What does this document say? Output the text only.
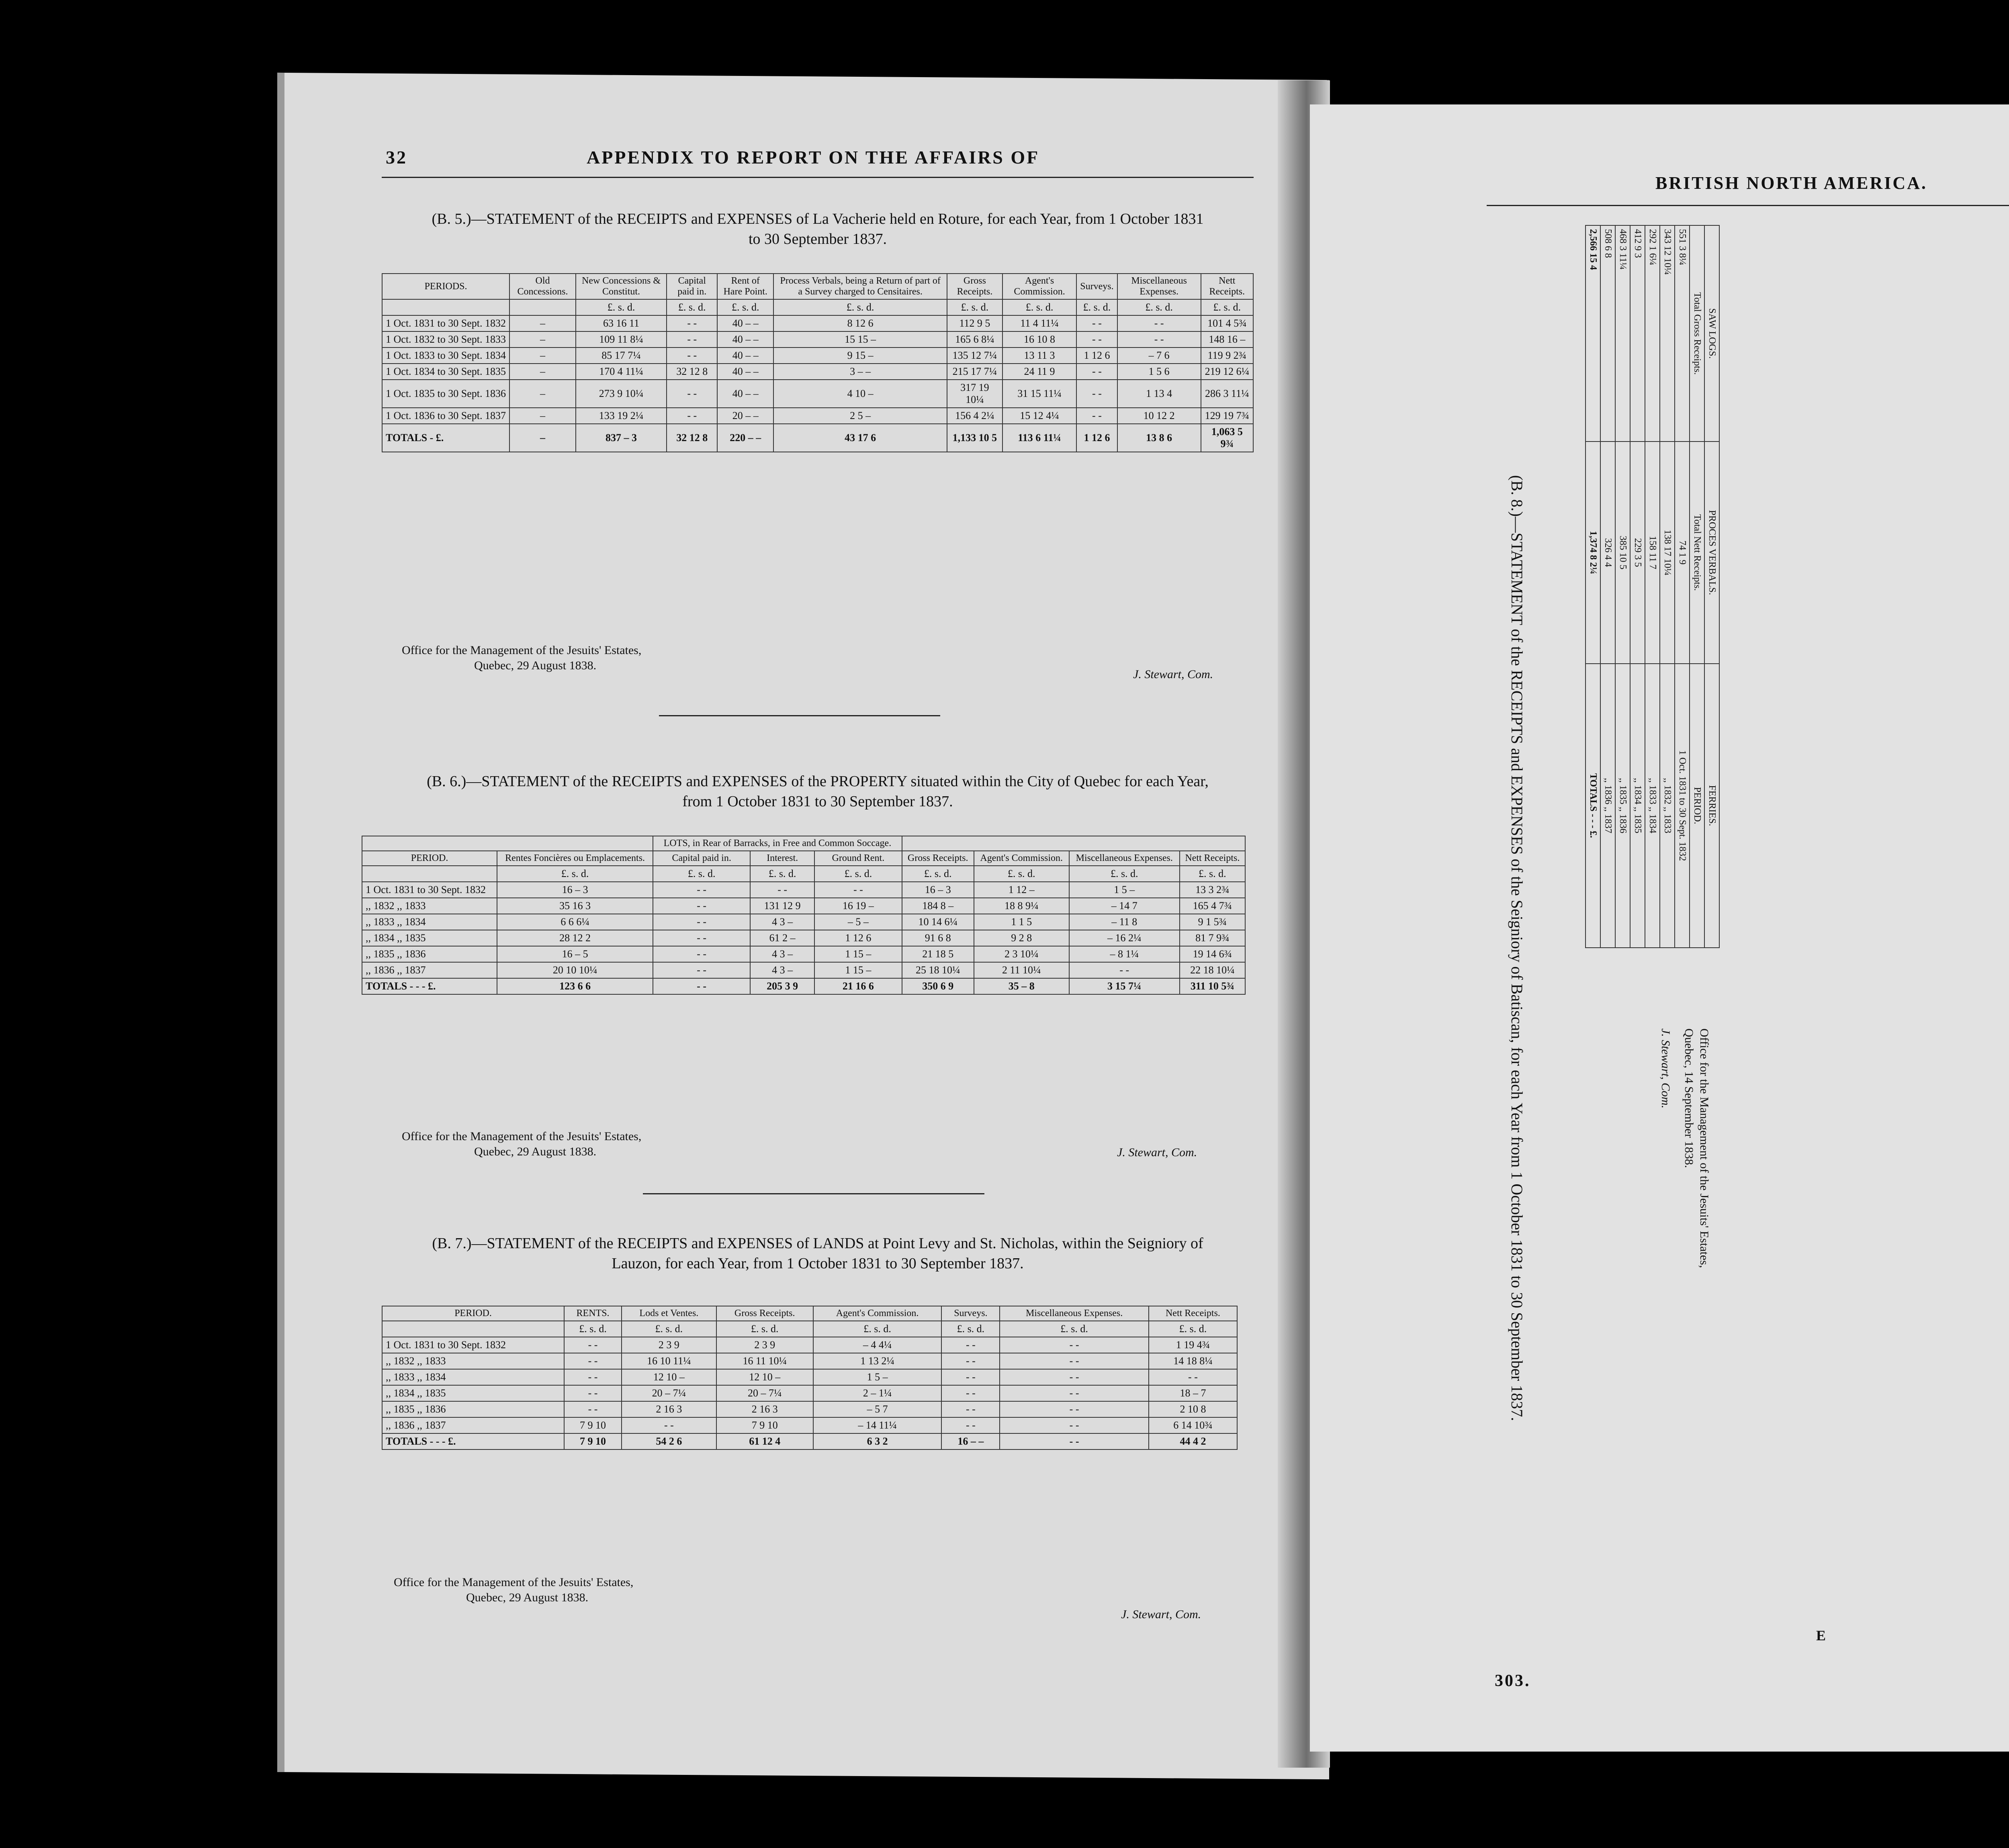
32	APPENDIX TO REPORT ON THE AFFAIRS OF
(B. 5.)—STATEMENT of the RECEIPTS and EXPENSES of La Vacherie held en Roture, for each Year, from 1 October 1831
to 30 September 1837.
PERIODS.	Old Concessions.	New Concessions & Constitut.	Capital paid in.	Rent of Hare Point.	Process Verbals, being a Return of part of a Survey charged to Censitaires.	Gross Receipts.	Agent's Commission.	Surveys.	Miscellaneous Expenses.	Nett Receipts.
		£. s. d.	£. s. d.	£. s. d.	£. s. d.	£. s. d.	£. s. d.	£. s. d.	£. s. d.	£. s. d.
1 Oct. 1831 to 30 Sept. 1832	–	63 16 11	- -	40 – –	8 12 6	112 9 5	11 4 11¼	- -	- -	101 4 5¾
1 Oct. 1832 to 30 Sept. 1833	–	109 11 8¼	- -	40 – –	15 15 –	165 6 8¼	16 10 8	- -	- -	148 16 –
1 Oct. 1833 to 30 Sept. 1834	–	85 17 7¼	- -	40 – –	9 15 –	135 12 7¼	13 11 3	1 12 6	– 7 6	119 9 2¾
1 Oct. 1834 to 30 Sept. 1835	–	170 4 11¼	32 12 8	40 – –	3 – –	215 17 7¼	24 11 9	- -	1 5 6	219 12 6¼
1 Oct. 1835 to 30 Sept. 1836	–	273 9 10¼	- -	40 – –	4 10 –	317 19 10¼	31 15 11¼	- -	1 13 4	286 3 11¼
1 Oct. 1836 to 30 Sept. 1837	–	133 19 2¼	- -	20 – –	2 5 –	156 4 2¼	15 12 4¼	- -	10 12 2	129 19 7¾
TOTALS - £.	–	837 – 3	32 12 8	220 – –	43 17 6	1,133 10 5	113 6 11¼	1 12 6	13 8 6	1,063 5 9¾
Office for the Management of the Jesuits' Estates,
Quebec, 29 August 1838.
J. Stewart, Com.
(B. 6.)—STATEMENT of the RECEIPTS and EXPENSES of the PROPERTY situated within the City of Quebec for each Year,
from 1 October 1831 to 30 September 1837.
		LOTS, in Rear of Barracks, in Free and Common Soccage.						
PERIOD.	Rentes Foncières ou Emplacements.	Capital paid in.	Interest.	Ground Rent.	Gross Receipts.	Agent's Commission.	Miscellaneous Expenses.	Nett Receipts.
	£. s. d.	£. s. d.	£. s. d.	£. s. d.	£. s. d.	£. s. d.	£. s. d.	£. s. d.
1 Oct. 1831 to 30 Sept. 1832	16 – 3	- -	- -	- -	16 – 3	1 12 –	1 5 –	13 3 2¾
,, 1832 ,, 1833	35 16 3	- -	131 12 9	16 19 –	184 8 –	18 8 9¼	– 14 7	165 4 7¾
,, 1833 ,, 1834	6 6 6¼	- -	4 3 –	– 5 –	10 14 6¼	1 1 5	– 11 8	9 1 5¾
,, 1834 ,, 1835	28 12 2	- -	61 2 –	1 12 6	91 6 8	9 2 8	– 16 2¼	81 7 9¾
,, 1835 ,, 1836	16 – 5	- -	4 3 –	1 15 –	21 18 5	2 3 10¼	– 8 1¼	19 14 6¾
,, 1836 ,, 1837	20 10 10¼	- -	4 3 –	1 15 –	25 18 10¼	2 11 10¼	- -	22 18 10¼
TOTALS - - - £.	123 6 6	- -	205 3 9	21 16 6	350 6 9	35 – 8	3 15 7¼	311 10 5¾
Office for the Management of the Jesuits' Estates,
Quebec, 29 August 1838.	J. Stewart, Com.
(B. 7.)—STATEMENT of the RECEIPTS and EXPENSES of LANDS at Point Levy and St. Nicholas, within the Seigniory of
Lauzon, for each Year, from 1 October 1831 to 30 September 1837.
PERIOD.	RENTS.	Lods et Ventes.	Gross Receipts.	Agent's Commission.	Surveys.	Miscellaneous Expenses.	Nett Receipts.
	£. s. d.	£. s. d.	£. s. d.	£. s. d.	£. s. d.	£. s. d.	£. s. d.
1 Oct. 1831 to 30 Sept. 1832	- -	2 3 9	2 3 9	– 4 4¼	- -	- -	1 19 4¾
,, 1832 ,, 1833	- -	16 10 11¼	16 11 10¼	1 13 2¼	- -	- -	14 18 8¼
,, 1833 ,, 1834	- -	12 10 –	12 10 –	1 5 –	- -	- -	- -
,, 1834 ,, 1835	- -	20 – 7¼	20 – 7¼	2 – 1¼	- -	- -	18 – 7
,, 1835 ,, 1836	- -	2 16 3	2 16 3	– 5 7	- -	- -	2 10 8
,, 1836 ,, 1837	7 9 10	- -	7 9 10	– 14 11¼	- -	- -	6 14 10¾
TOTALS - - - £.	7 9 10	54 2 6	61 12 4	6 3 2	16 – –	- -	44 4 2
Office for the Management of the Jesuits' Estates,
Quebec, 29 August 1838.
J. Stewart, Com.
BRITISH NORTH AMERICA.
(B. 8.)—STATEMENT of the RECEIPTS and EXPENSES of the Seigniory of Batiscan, for each Year from 1 October 1831 to 30 September 1837.

SAW LOGS.	PROCES VERBALS.	FERRIES.
Total Gross Receipts.	Total Nett Receipts.	PERIOD.
551 3 8¼	74 1 9	1 Oct. 1831 to 30 Sept. 1832
343 12 10¼	138 17 10¼	,, 1832 ,, 1833
292 1 6¼	158 11 7	,, 1833 ,, 1834
412 9 3	229 3 5	,, 1834 ,, 1835
468 3 11¼	385 10 5	,, 1835 ,, 1836
508 6 8	326 4 4	,, 1836 ,, 1837
2,566 15 4	1,374 8 2¼	TOTALS - - - £.
Office for the Management of the Jesuits' Estates,
Quebec, 14 September 1838.
J. Stewart, Com.
303.
E
